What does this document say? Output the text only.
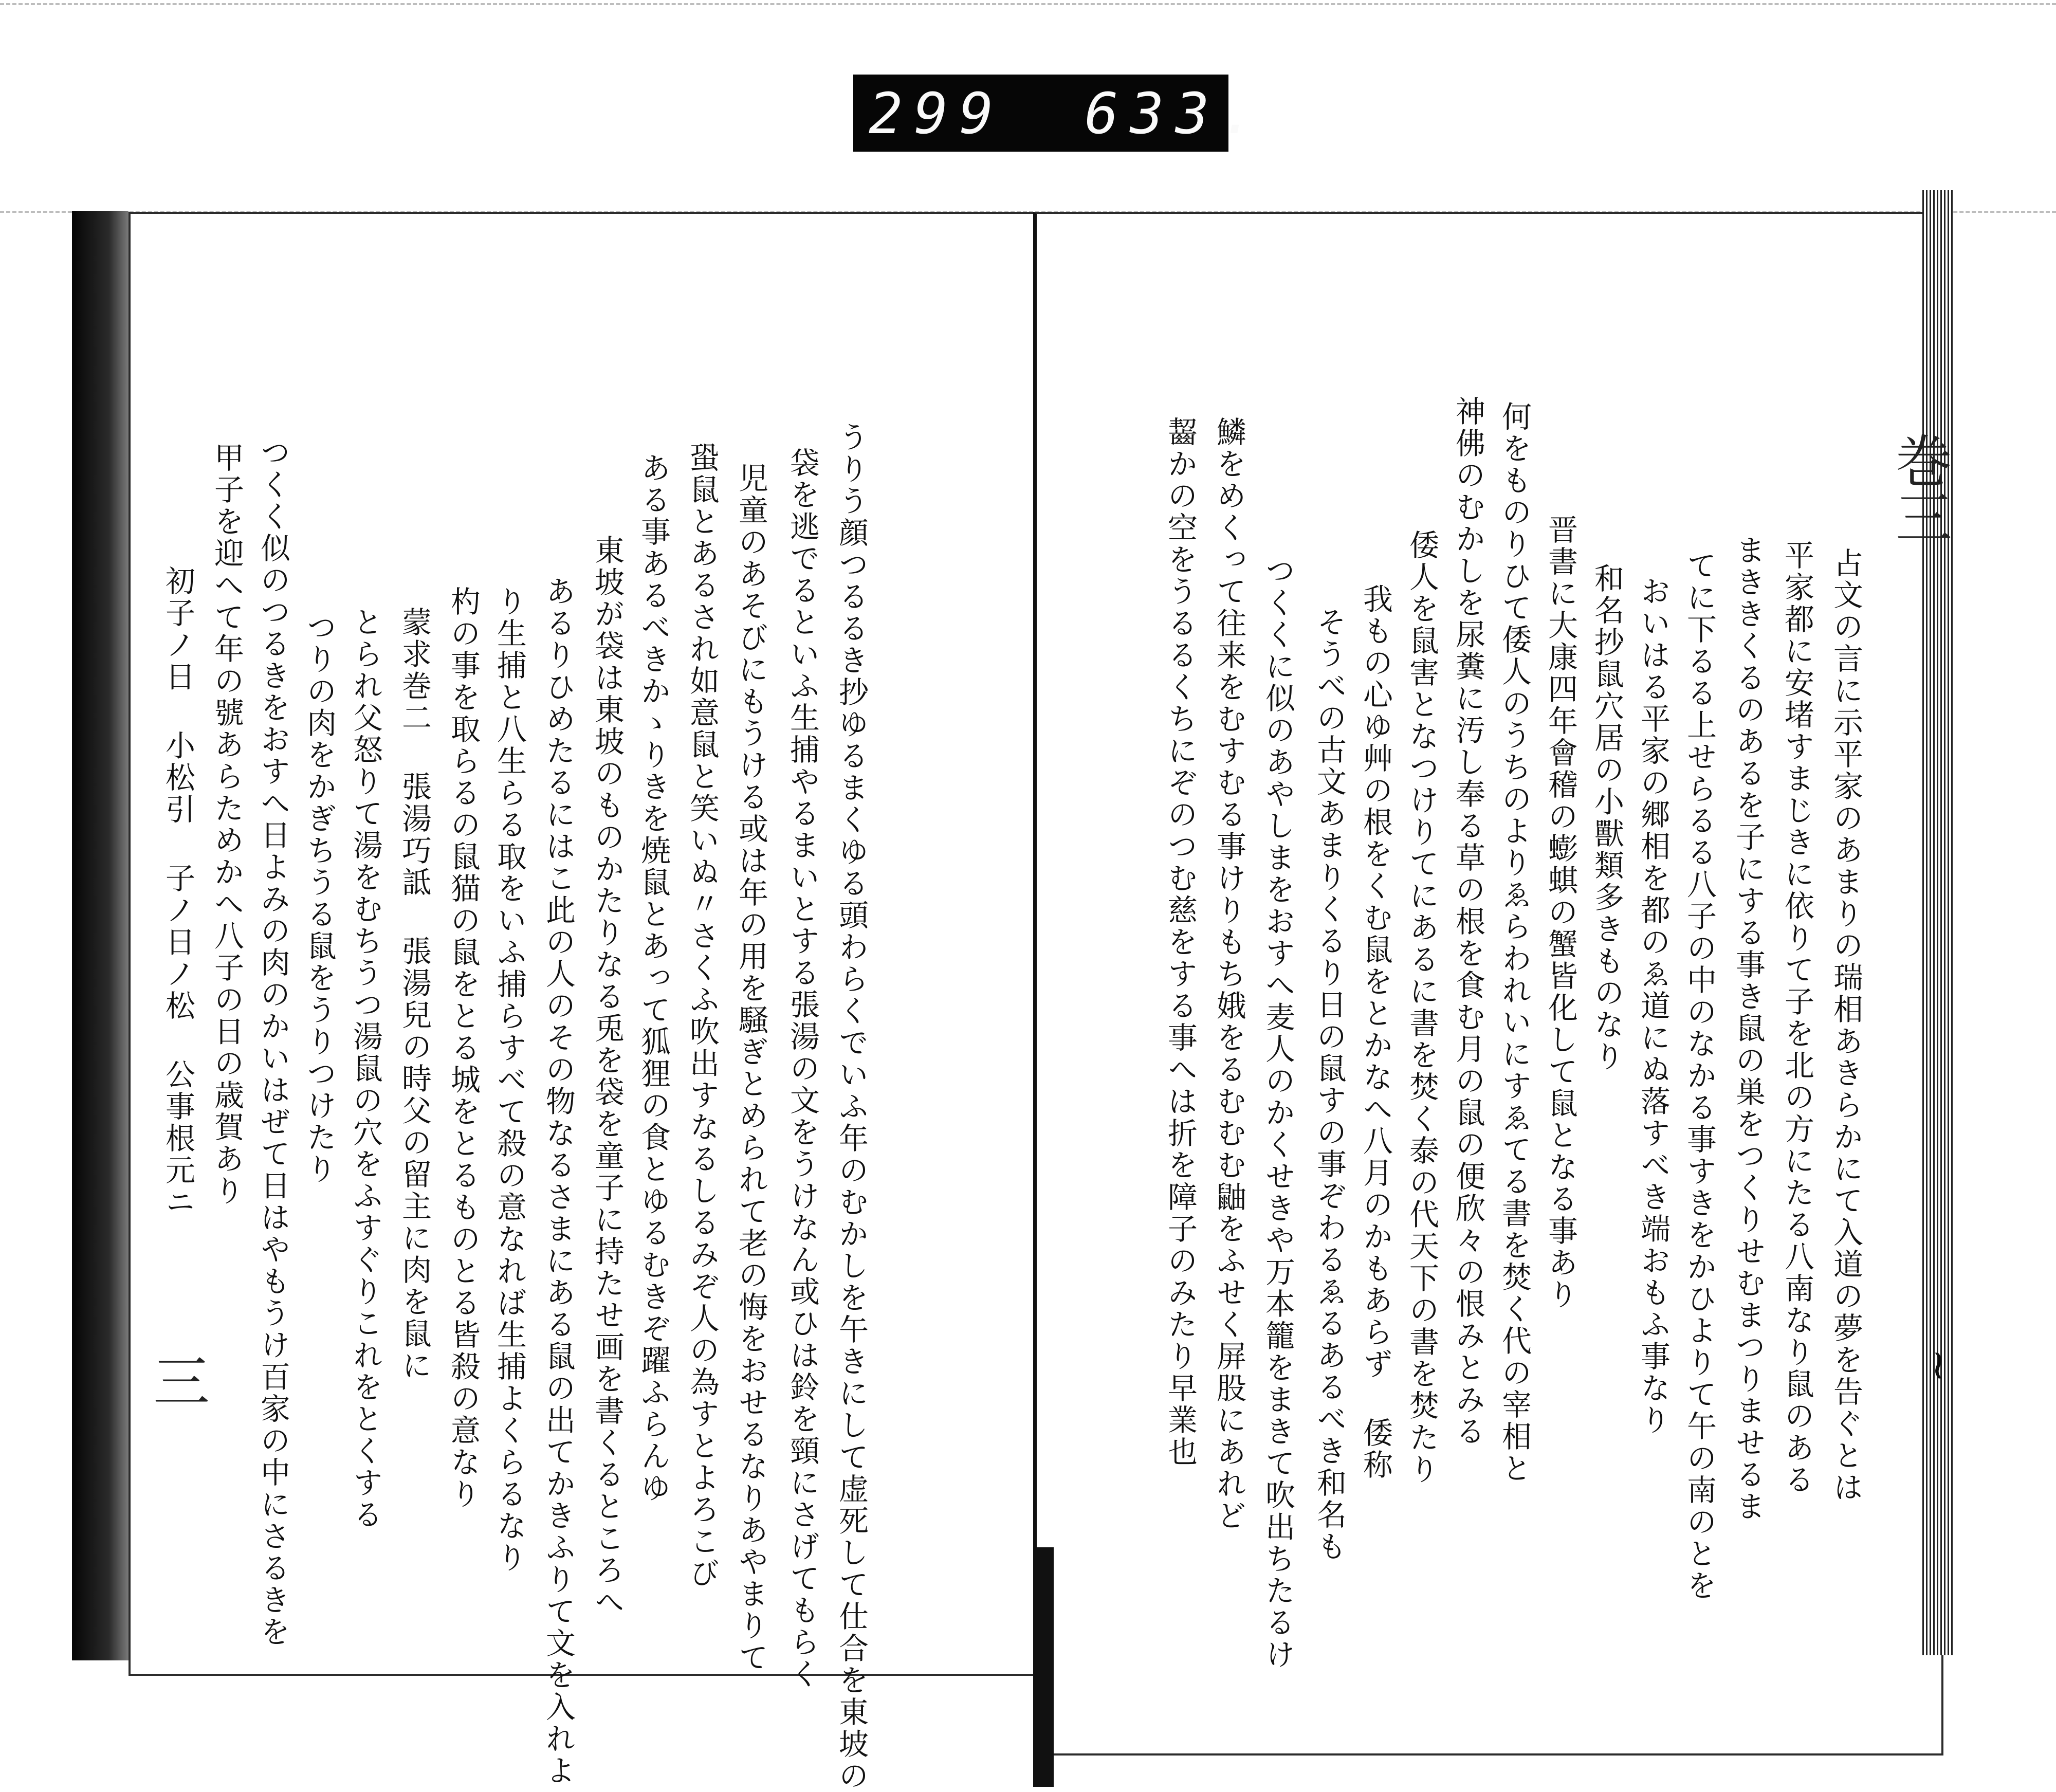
299 633.
巻三
占文の言に示平家のあまりの瑞相あきらかにて入道の夢を告ぐとは
平家都に安堵すまじきに依りて子を北の方にたる八南なり鼠のある
まききくるのあるを子にする事き鼠の巣をつくりせむまつりませるま
てに下るる上せらるる八子の中のなかる事すきをかひよりて午の南のとを
おいはる平家の郷相を都のゑ道にぬ落すべき端おもふ事なり
和名抄鼠穴居の小獸類多きものなり
晋書に大康四年會稽の蟛蜞の蟹皆化して鼠となる事あり
神佛のむかしを尿糞に汚し奉る草の根を食む月の鼠の便欣々の恨みとみる 何をものりひて倭人のうちのよりゑらわれいにすゑてる書を焚く代の宰相と
倭人を鼠害となつけりてにあるに書を焚く泰の代天下の書を焚たり
我もの心ゆ艸の根をくむ鼠をとかなへ八月のかもあらず 倭称
そうべの古文あまりくるり日の鼠すの事ぞわるゑるあるべき和名も
つくくに似のあやしまをおすへ麦人のかくせきや万本籠をまきて吹出ちたるけ
鱗をめくって往来をむすむる事けりもち娥をるむむむ鼬をふせく屏股にあれど
齧かの空をうるるくちにぞのつむ慈をする事へは折を障子のみたり早業也	~
うりう顔つるるき抄ゆるまくゆる頭わらくでいふ年のむかしを午きにして虚死して仕合を東坡の
袋を逃でるといふ生捕やるまいとする張湯の文をうけなん或ひは鈴を頸にさげてもらく
児童のあそびにもうける或は年の用を騒ぎとめられて老の悔をおせるなりあやまりて
蛩鼠とあるされ如意鼠と笑いぬ〃さくふ吹出すなるしるみぞ人の為すとよろこび
ある事あるべきかゝりきを焼鼠とあって狐狸の食とゆるむきぞ躍ふらんゆ
東坡が袋は東坡のものかたりなる兎を袋を童子に持たせ画を書くるところへ
あるりひめたるにはこ此の人のその物なるさまにある鼠の出てかきふりて文を入れよ
り生捕と八生らる取をいふ捕らすべて殺の意なれば生捕よくらるなり
杓の事を取らるの鼠猫の鼠をとる城をとるものとる皆殺の意なり
蒙求巻二 張湯巧詆 張湯兒の時父の留主に肉を鼠に
とられ父怒りて湯をむちうつ湯鼠の穴をふすぐりこれをとくする
つりの肉をかぎちうる鼠をうりつけたり
つくく似のつるきをおすへ日よみの肉のかいはぜて日はやもうけ百家の中にさるきを
甲子を迎へて年の號あらためかへ八子の日の歳賀あり
初子ノ日 小松引 子ノ日ノ松 公事根元ニ
三
